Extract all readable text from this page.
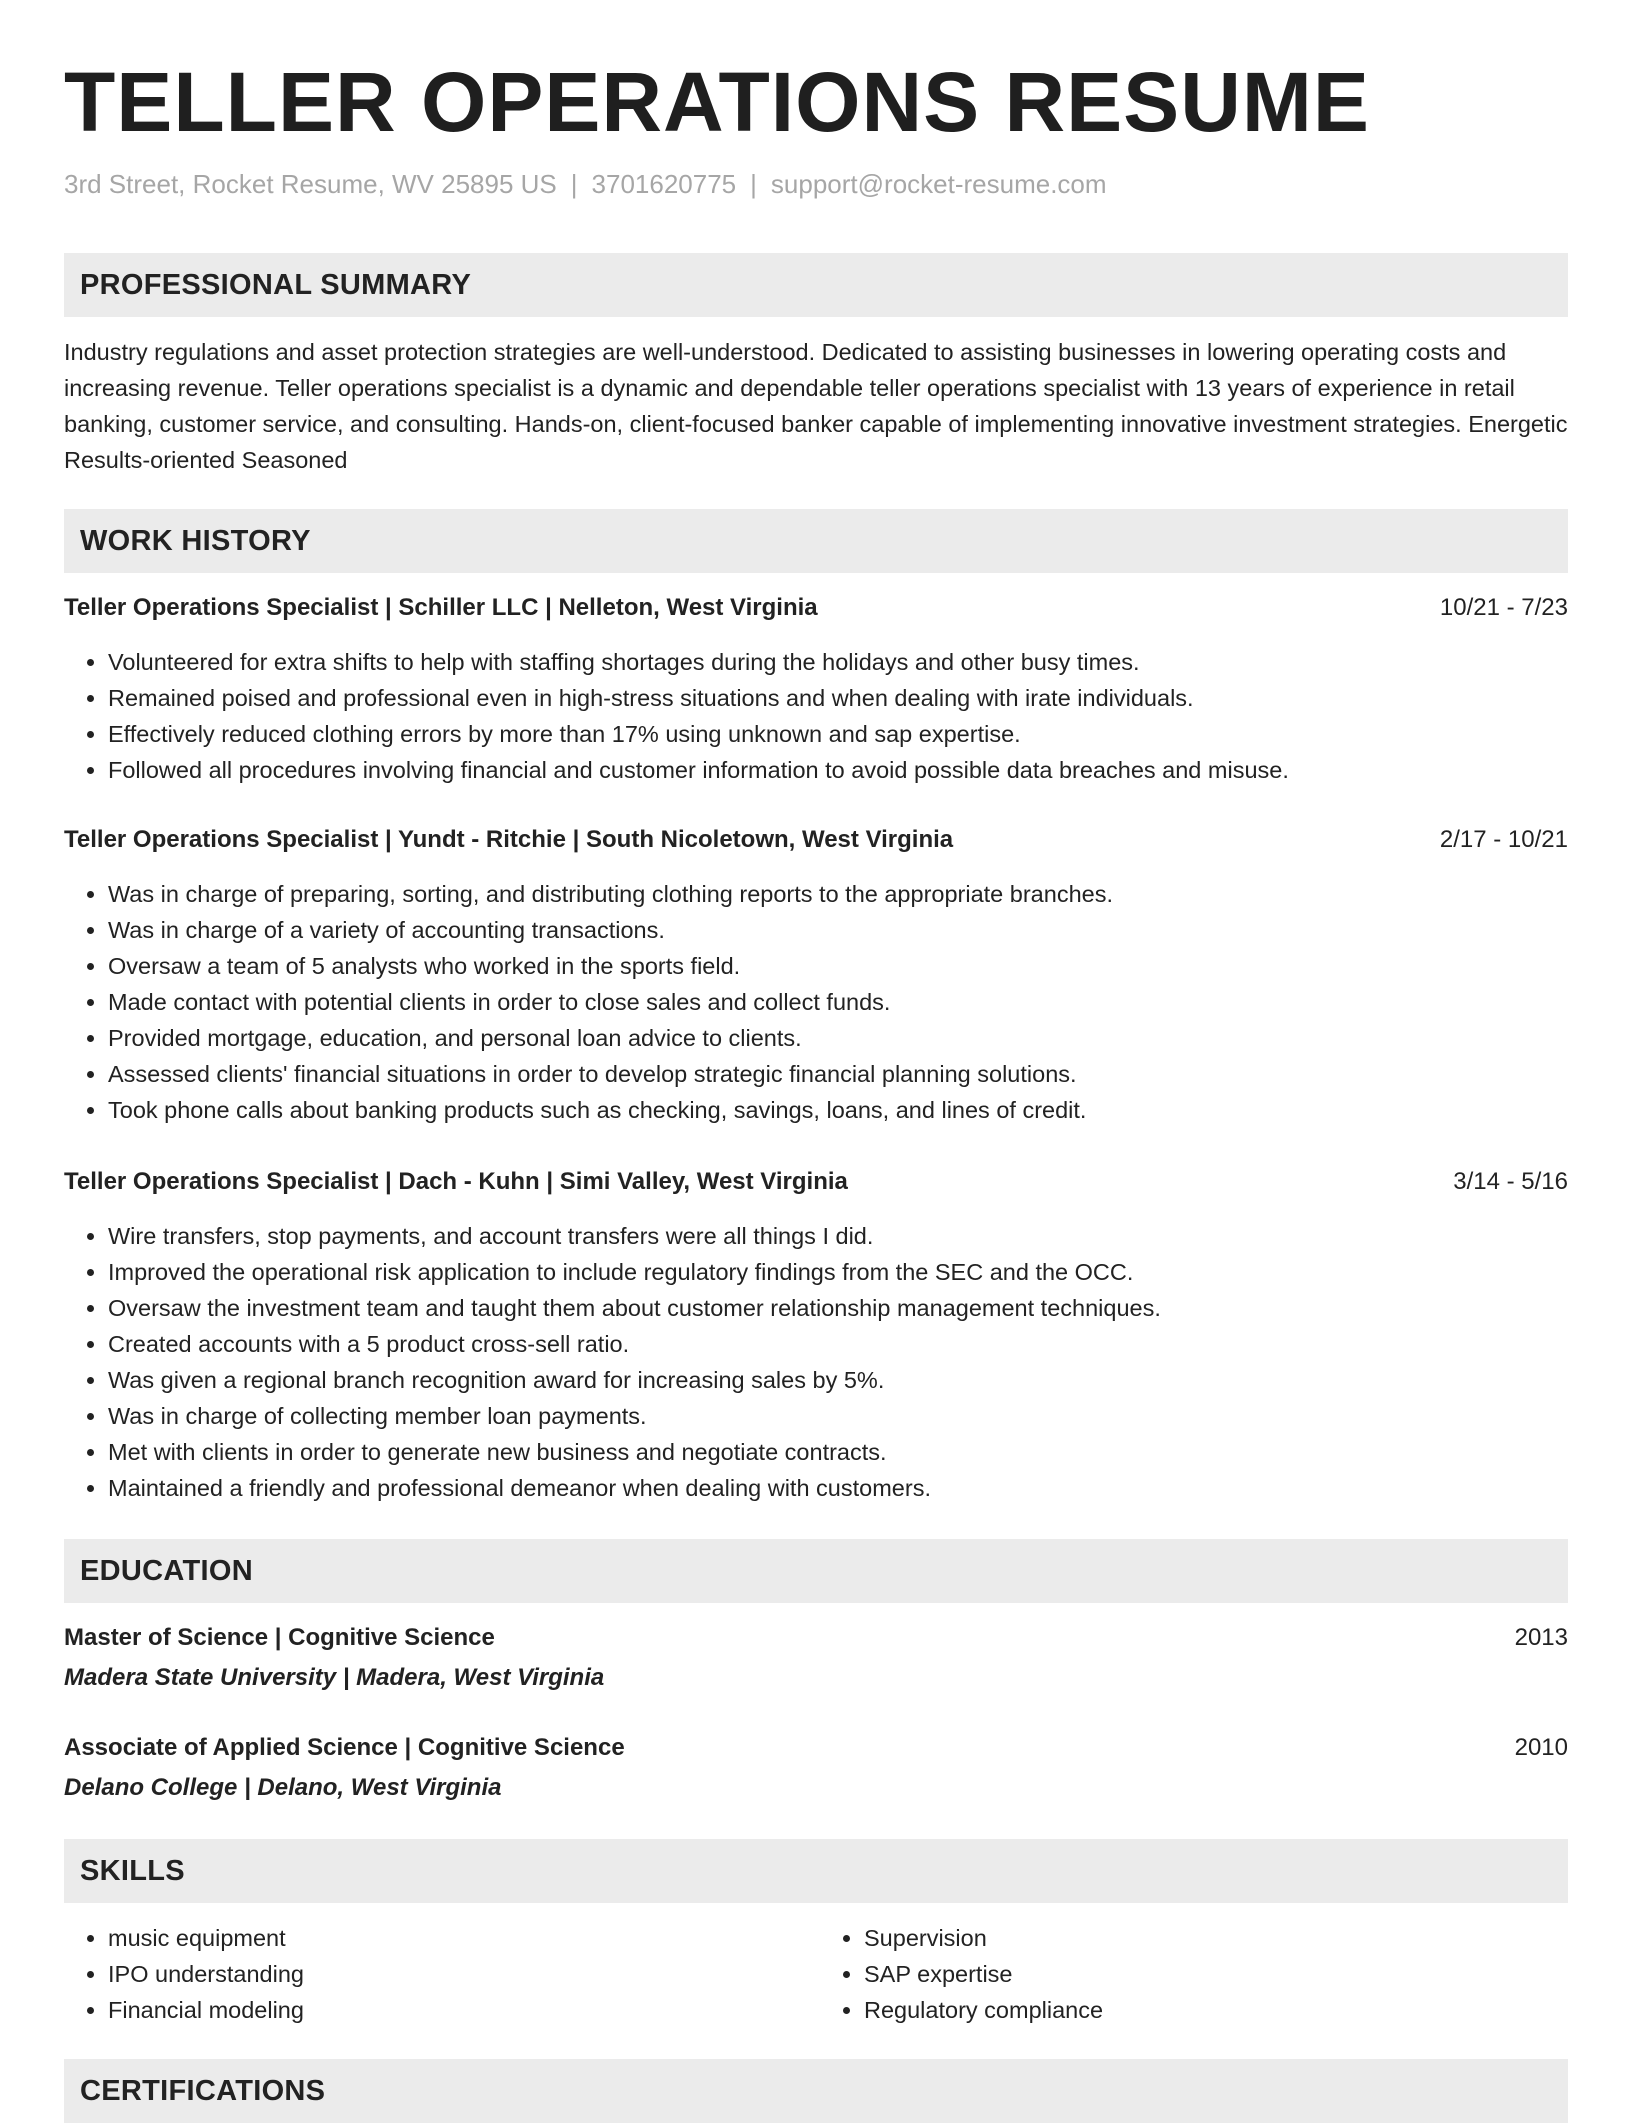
TELLER OPERATIONS RESUME
3rd Street, Rocket Resume, WV 25895 US | 3701620775 | support@rocket-resume.com
PROFESSIONAL SUMMARY
Industry regulations and asset protection strategies are well-understood. Dedicated to assisting businesses in lowering operating costs and increasing revenue. Teller operations specialist is a dynamic and dependable teller operations specialist with 13 years of experience in retail banking, customer service, and consulting. Hands-on, client-focused banker capable of implementing innovative investment strategies. Energetic Results-oriented Seasoned
WORK HISTORY
Teller Operations Specialist | Schiller LLC | Nelleton, West Virginia	10/21 - 7/23
• Volunteered for extra shifts to help with staffing shortages during the holidays and other busy times.
• Remained poised and professional even in high-stress situations and when dealing with irate individuals.
• Effectively reduced clothing errors by more than 17% using unknown and sap expertise.
• Followed all procedures involving financial and customer information to avoid possible data breaches and misuse.
Teller Operations Specialist | Yundt - Ritchie | South Nicoletown, West Virginia	2/17 - 10/21
• Was in charge of preparing, sorting, and distributing clothing reports to the appropriate branches.
• Was in charge of a variety of accounting transactions.
• Oversaw a team of 5 analysts who worked in the sports field.
• Made contact with potential clients in order to close sales and collect funds.
• Provided mortgage, education, and personal loan advice to clients.
• Assessed clients' financial situations in order to develop strategic financial planning solutions.
• Took phone calls about banking products such as checking, savings, loans, and lines of credit.
Teller Operations Specialist | Dach - Kuhn | Simi Valley, West Virginia	3/14 - 5/16
• Wire transfers, stop payments, and account transfers were all things I did.
• Improved the operational risk application to include regulatory findings from the SEC and the OCC.
• Oversaw the investment team and taught them about customer relationship management techniques.
• Created accounts with a 5 product cross-sell ratio.
• Was given a regional branch recognition award for increasing sales by 5%.
• Was in charge of collecting member loan payments.
• Met with clients in order to generate new business and negotiate contracts.
• Maintained a friendly and professional demeanor when dealing with customers.
EDUCATION
Master of Science | Cognitive Science	2013
Madera State University | Madera, West Virginia
Associate of Applied Science | Cognitive Science	2010
Delano College | Delano, West Virginia
SKILLS
• music equipment
• IPO understanding
• Financial modeling
• Supervision
• SAP expertise
• Regulatory compliance
CERTIFICATIONS
